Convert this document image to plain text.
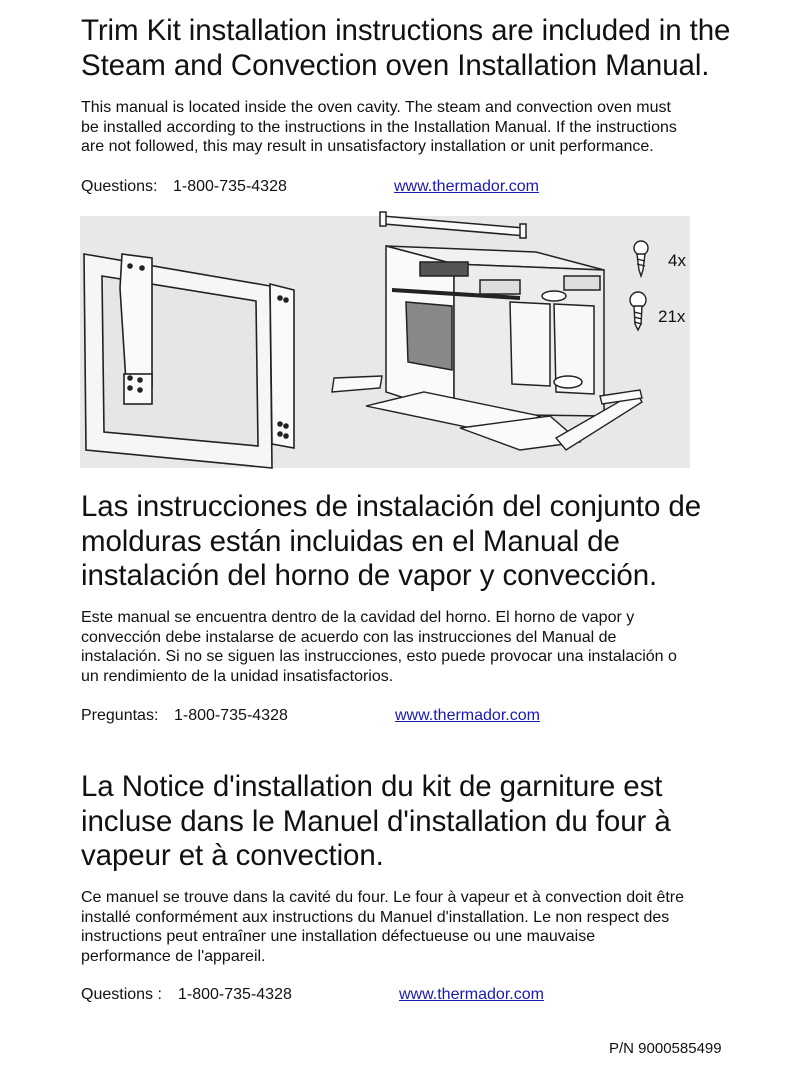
Trim Kit installation instructions are included in the
Steam and Convection oven Installation Manual.

This manual is located inside the oven cavity. The steam and convection oven must
be installed according to the instructions in the Installation Manual. If the instructions
are not followed, this may result in unsatisfactory installation or unit performance.

Questions: 1-800-735-4328	www.thermador.com
4x
21x
Las instrucciones de instalación del conjunto de
molduras están incluidas en el Manual de
instalación del horno de vapor y convección.

Este manual se encuentra dentro de la cavidad del horno. El horno de vapor y
convección debe instalarse de acuerdo con las instrucciones del Manual de
instalación. Si no se siguen las instrucciones, esto puede provocar una instalación o
un rendimiento de la unidad insatisfactorios.

Preguntas: 1-800-735-4328	www.thermador.com
La Notice d'installation du kit de garniture est
incluse dans le Manuel d'installation du four à
vapeur et à convection.

Ce manuel se trouve dans la cavité du four. Le four à vapeur et à convection doit être
installé conformément aux instructions du Manuel d'installation. Le non respect des
instructions peut entraîner une installation défectueuse ou une mauvaise
performance de l'appareil.

Questions : 1-800-735-4328	www.thermador.com
P/N 9000585499
